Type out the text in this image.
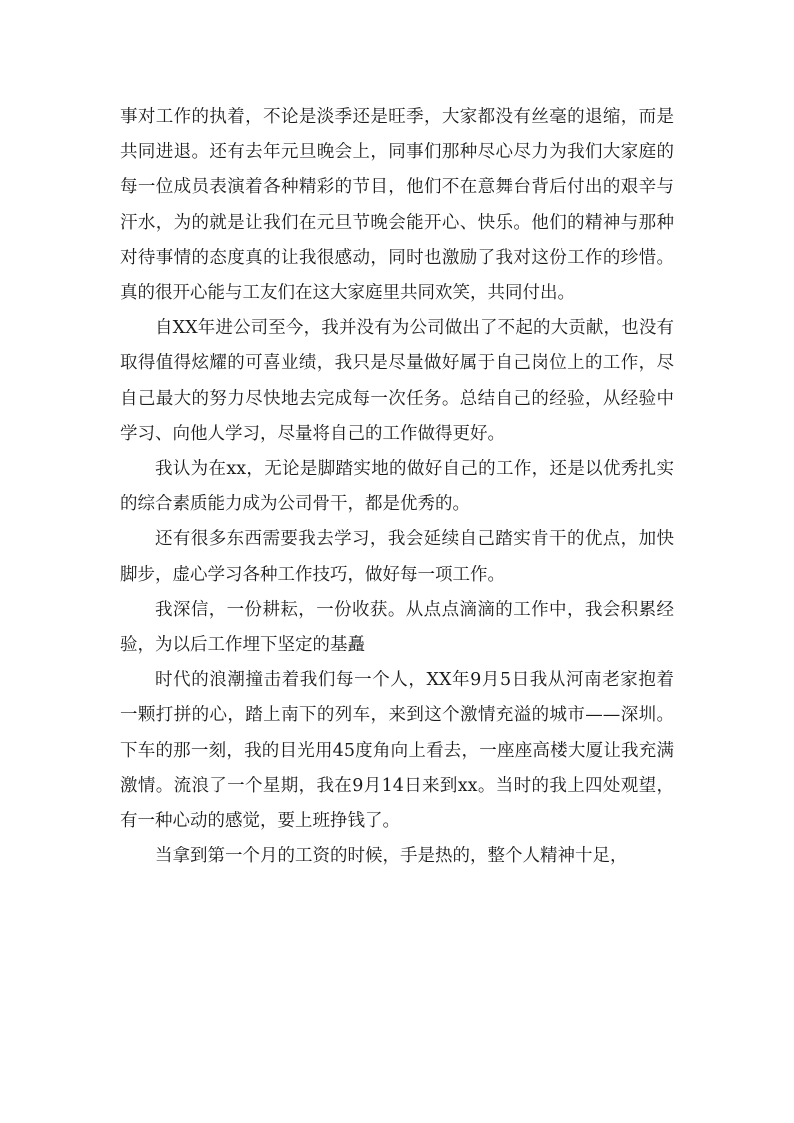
事对工作的执着，不论是淡季还是旺季，大家都没有丝毫的退缩，而是共同进退。还有去年元旦晚会上，同事们那种尽心尽力为我们大家庭的每一位成员表演着各种精彩的节目，他们不在意舞台背后付出的艰辛与汗水，为的就是让我们在元旦节晚会能开心、快乐。他们的精神与那种对待事情的态度真的让我很感动，同时也激励了我对这份工作的珍惜。真的很开心能与工友们在这大家庭里共同欢笑，共同付出。

自XX年进公司至今，我并没有为公司做出了不起的大贡献，也没有取得值得炫耀的可喜业绩，我只是尽量做好属于自己岗位上的工作，尽自己最大的努力尽快地去完成每一次任务。总结自己的经验，从经验中学习、向他人学习，尽量将自己的工作做得更好。

我认为在xx，无论是脚踏实地的做好自己的工作，还是以优秀扎实的综合素质能力成为公司骨干，都是优秀的。

还有很多东西需要我去学习，我会延续自己踏实肯干的优点，加快脚步，虚心学习各种工作技巧，做好每一项工作。

我深信，一份耕耘，一份收获。从点点滴滴的工作中，我会积累经验，为以后工作埋下坚定的基矗

时代的浪潮撞击着我们每一个人，XX年9月5日我从河南老家抱着一颗打拼的心，踏上南下的列车，来到这个激情充溢的城市——深圳。下车的那一刻，我的目光用45度角向上看去，一座座高楼大厦让我充满激情。流浪了一个星期，我在9月14日来到xx。当时的我上四处观望，有一种心动的感觉，要上班挣钱了。

当拿到第一个月的工资的时候，手是热的，整个人精神十足，
